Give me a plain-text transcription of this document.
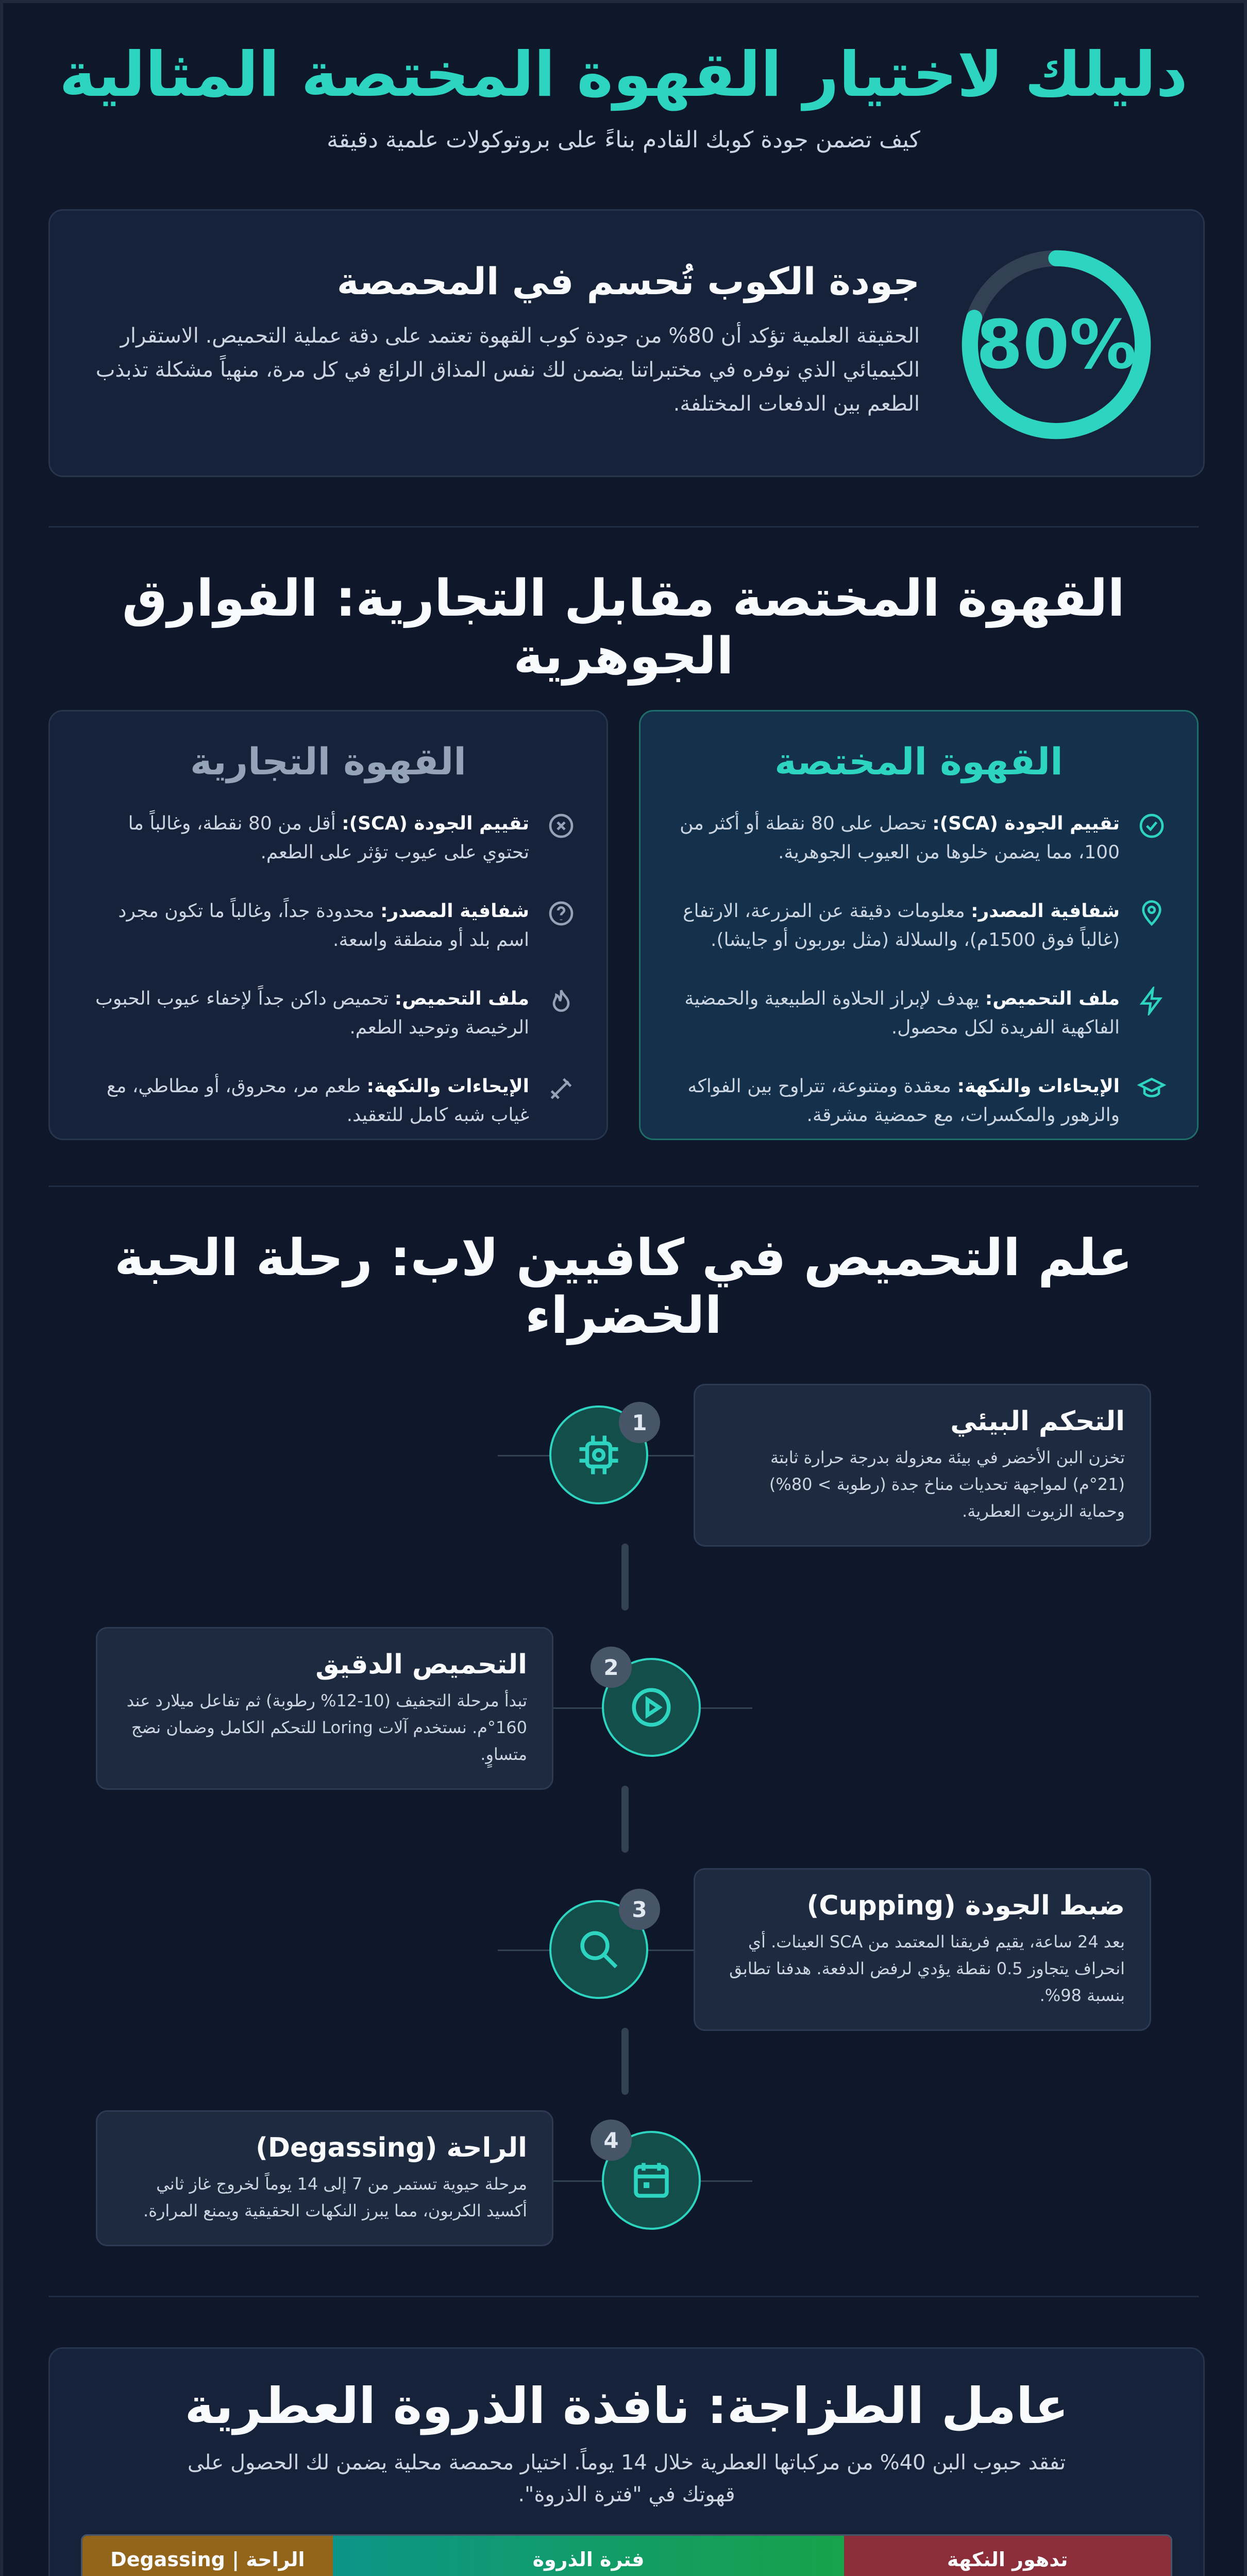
دليلك لاختيار القهوة المختصة المثالية

كيف تضمن جودة كوبك القادم بناءً على بروتوكولات علمية دقيقة

80%
جودة الكوب تُحسم في المحمصة

الحقيقة العلمية تؤكد أن 80% من جودة كوب القهوة تعتمد على دقة عملية التحميص. الاستقرار الكيميائي الذي نوفره في مختبراتنا يضمن لك نفس المذاق الرائع في كل مرة، منهياً مشكلة تذبذب الطعم بين الدفعات المختلفة.

القهوة المختصة مقابل التجارية: الفوارق الجوهرية
القهوة المختصة
تقييم الجودة (SCA): تحصل على 80 نقطة أو أكثر من 100، مما يضمن خلوها من العيوب الجوهرية.
شفافية المصدر: معلومات دقيقة عن المزرعة، الارتفاع (غالباً فوق 1500م)، والسلالة (مثل بوربون أو جايشا).
ملف التحميص: يهدف لإبراز الحلاوة الطبيعية والحمضية الفاكهية الفريدة لكل محصول.
الإيحاءات والنكهة: معقدة ومتنوعة، تتراوح بين الفواكه والزهور والمكسرات، مع حمضية مشرقة.
القهوة التجارية
تقييم الجودة (SCA): أقل من 80 نقطة، وغالباً ما تحتوي على عيوب تؤثر على الطعم.
شفافية المصدر: محدودة جداً، وغالباً ما تكون مجرد اسم بلد أو منطقة واسعة.
ملف التحميص: تحميص داكن جداً لإخفاء عيوب الحبوب الرخيصة وتوحيد الطعم.
الإيحاءات والنكهة: طعم مر، محروق، أو مطاطي، مع غياب شبه كامل للتعقيد.
علم التحميص في كافيين لاب: رحلة الحبة الخضراء
1	التحكم البيئي

تخزن البن الأخضر في بيئة معزولة بدرجة حرارة ثابتة (21°م) لمواجهة تحديات مناخ جدة (رطوبة > 80%) وحماية الزيوت العطرية.

2
التحميص الدقيق

تبدأ مرحلة التجفيف (10-12% رطوبة) ثم تفاعل ميلارد عند 160°م. نستخدم آلات Loring للتحكم الكامل وضمان نضج متساوٍ.

3	ضبط الجودة (Cupping)

بعد 24 ساعة، يقيم فريقنا المعتمد من SCA العينات. أي انحراف يتجاوز 0.5 نقطة يؤدي لرفض الدفعة. هدفنا تطابق بنسبة 98%.

4
الراحة (Degassing)

مرحلة حيوية تستمر من 7 إلى 14 يوماً لخروج غاز ثاني أكسيد الكربون، مما يبرز النكهات الحقيقية ويمنع المرارة.

عامل الطزاجة: نافذة الذروة العطرية

تفقد حبوب البن 40% من مركباتها العطرية خلال 14 يوماً. اختيار محمصة محلية يضمن لك الحصول على قهوتك في "فترة الذروة".

الراحة | Degassing	فترة الذروة	تدهور النكهة
